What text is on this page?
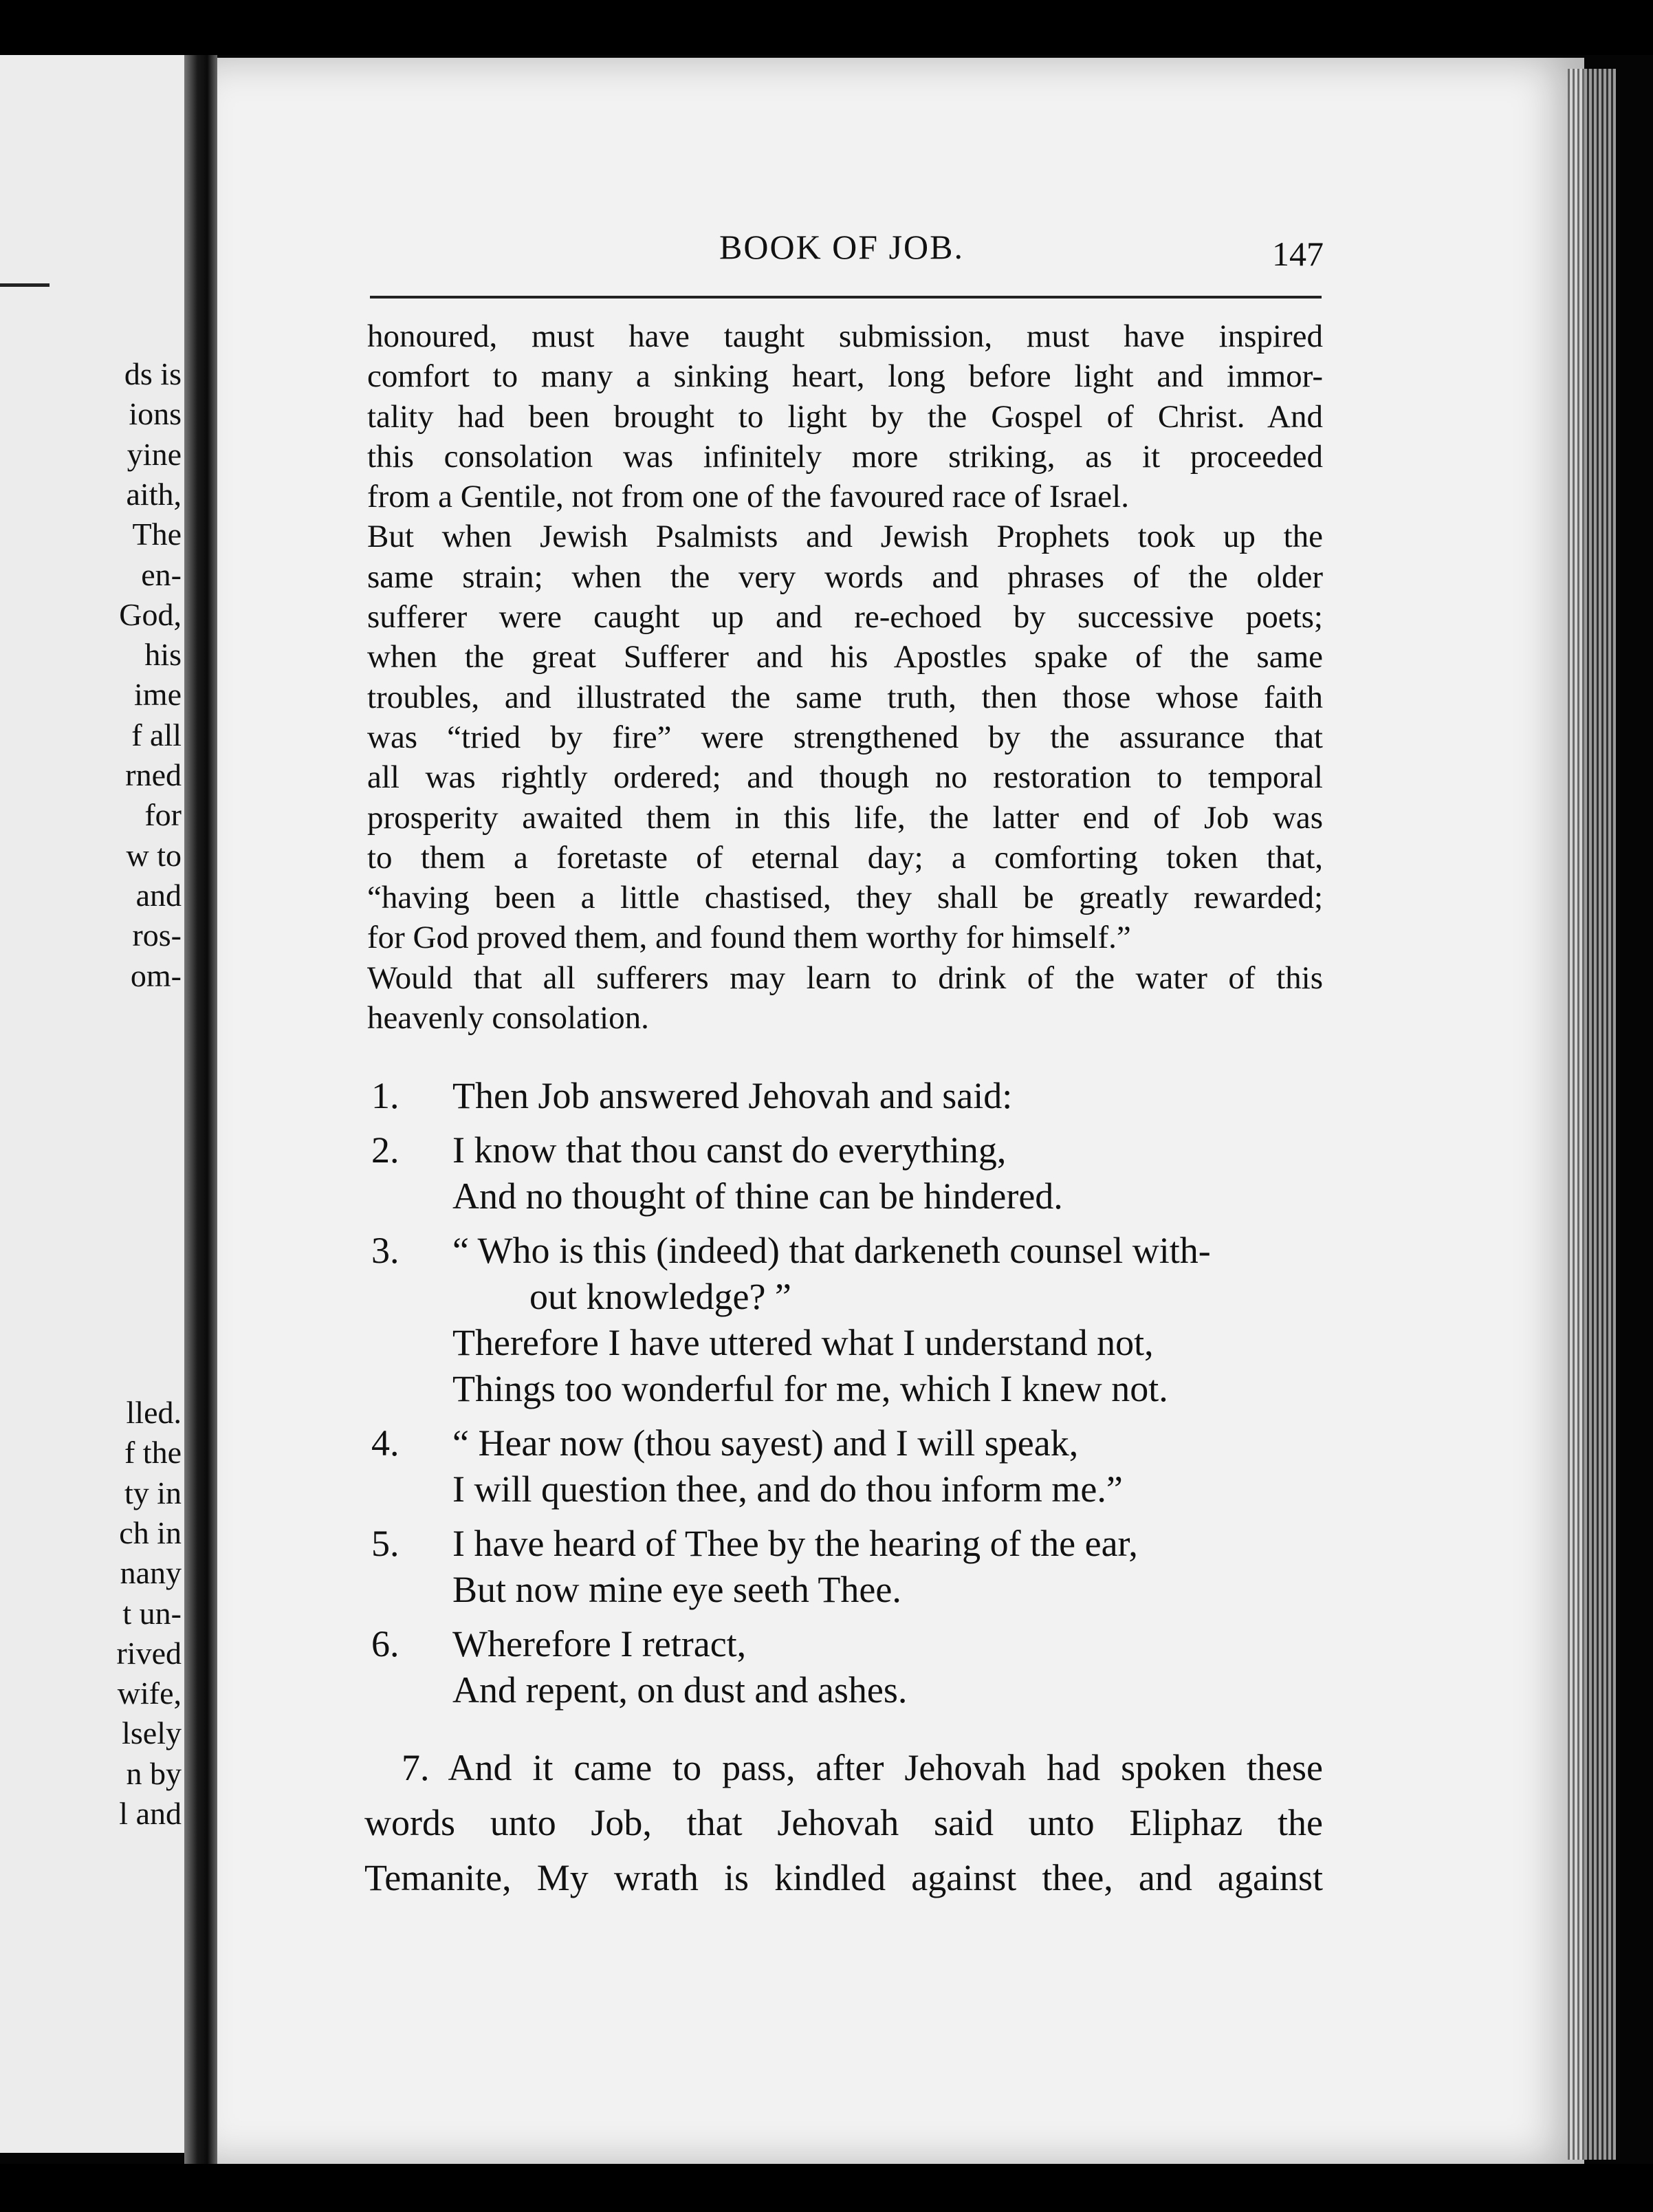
ds is

ions

yine

aith,

The

en-

God,

his

ime

f all

rned

for

w to

and

ros-

om-

lled.

f the

ty in

ch in

nany

t un-

rived

wife,

lsely

n by

l and

BOOK OF JOB.	147

honoured, must have taught submission, must have inspired
comfort to many a sinking heart, long before light and immor-
tality had been brought to light by the Gospel of Christ. And
this consolation was infinitely more striking, as it proceeded
from a Gentile, not from one of the favoured race of Israel.
But when Jewish Psalmists and Jewish Prophets took up the
same strain; when the very words and phrases of the older
sufferer were caught up and re-echoed by successive poets;
when the great Sufferer and his Apostles spake of the same
troubles, and illustrated the same truth, then those whose faith
was “tried by fire” were strengthened by the assurance that
all was rightly ordered; and though no restoration to temporal
prosperity awaited them in this life, the latter end of Job was
to them a foretaste of eternal day; a comforting token that,
“having been a little chastised, they shall be greatly rewarded;
for God proved them, and found them worthy for himself.”
Would that all sufferers may learn to drink of the water of this
heavenly consolation.

1.	Then Job answered Jehovah and said:

2.	I know that thou canst do everything,

And no thought of thine can be hindered.

3.	“ Who is this (indeed) that darkeneth counsel with-

out knowledge? ”

Therefore I have uttered what I understand not,

Things too wonderful for me, which I knew not.

4.	“ Hear now (thou sayest) and I will speak,

I will question thee, and do thou inform me.”

5.	I have heard of Thee by the hearing of the ear,

But now mine eye seeth Thee.

6.	Wherefore I retract,

And repent, on dust and ashes.

7. And it came to pass, after Jehovah had spoken these

words unto Job, that Jehovah said unto Eliphaz the

Temanite, My wrath is kindled against thee, and against
